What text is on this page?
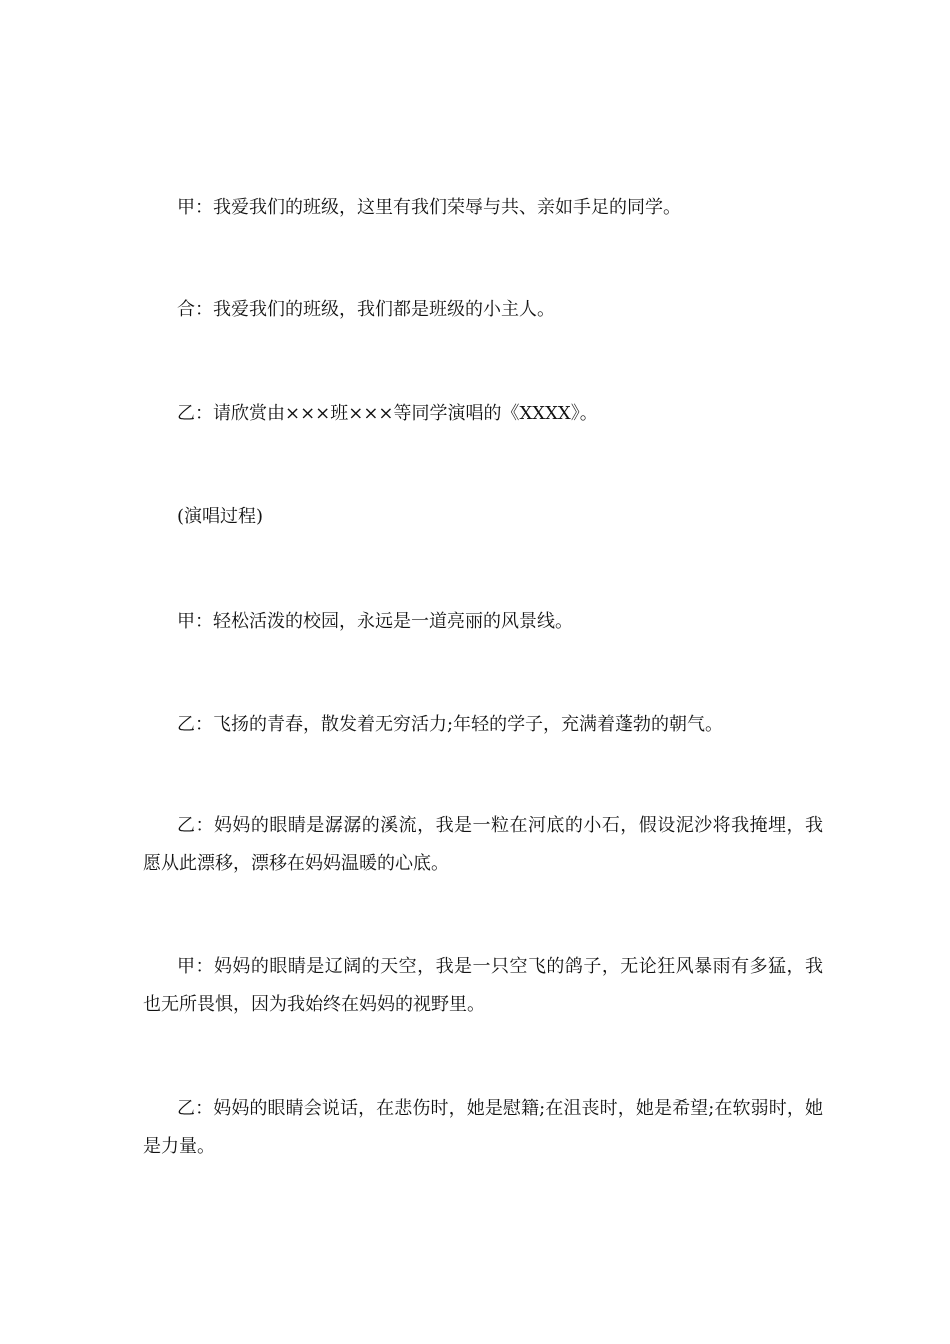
甲：我爱我们的班级，这里有我们荣辱与共、亲如手足的同学。

合：我爱我们的班级，我们都是班级的小主人。

乙：请欣赏由×××班×××等同学演唱的《XXXX》。

(演唱过程)

甲：轻松活泼的校园，永远是一道亮丽的风景线。

乙：飞扬的青春，散发着无穷活力;年轻的学子，充满着蓬勃的朝气。

乙：妈妈的眼睛是潺潺的溪流，我是一粒在河底的小石，假设泥沙将我掩埋，我愿从此漂移，漂移在妈妈温暖的心底。

甲：妈妈的眼睛是辽阔的天空，我是一只空飞的鸽子，无论狂风暴雨有多猛，我也无所畏惧，因为我始终在妈妈的视野里。

乙：妈妈的眼睛会说话，在悲伤时，她是慰籍;在沮丧时，她是希望;在软弱时，她是力量。
